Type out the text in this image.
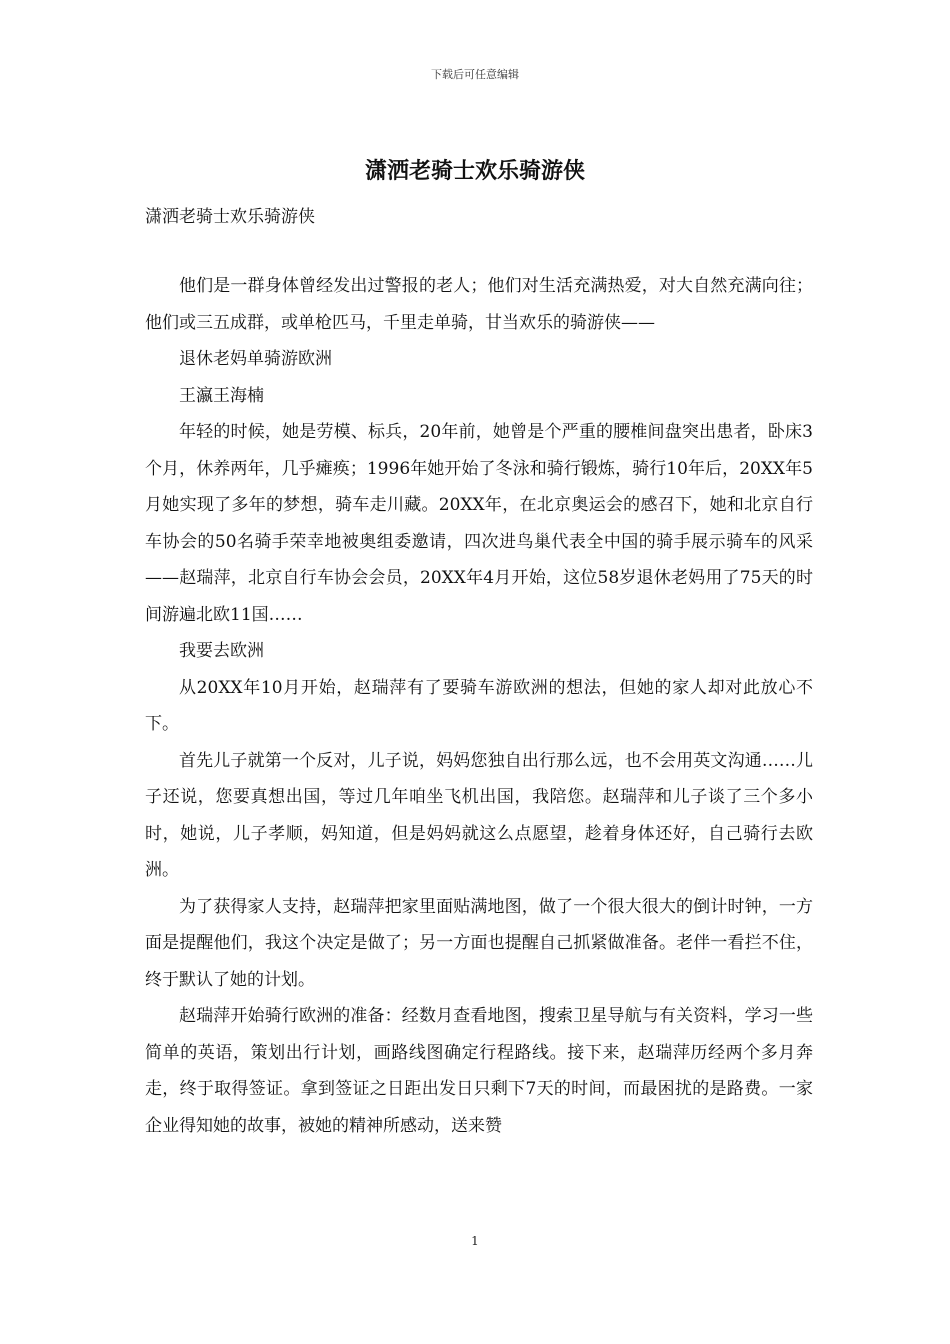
下载后可任意编辑
潇洒老骑士欢乐骑游侠
潇洒老骑士欢乐骑游侠

他们是一群身体曾经发出过警报的老人；他们对生活充满热爱，对大自然充满向往；他们或三五成群，或单枪匹马，千里走单骑，甘当欢乐的骑游侠——

退休老妈单骑游欧洲

王瀛王海楠

年轻的时候，她是劳模、标兵，20年前，她曾是个严重的腰椎间盘突出患者，卧床3个月，休养两年，几乎瘫痪；1996年她开始了冬泳和骑行锻炼，骑行10年后，20XX年5月她实现了多年的梦想，骑车走川藏。20XX年，在北京奥运会的感召下，她和北京自行车协会的50名骑手荣幸地被奥组委邀请，四次进鸟巢代表全中国的骑手展示骑车的风采——赵瑞萍，北京自行车协会会员，20XX年4月开始，这位58岁退休老妈用了75天的时间游遍北欧11国……

我要去欧洲

从20XX年10月开始，赵瑞萍有了要骑车游欧洲的想法，但她的家人却对此放心不下。

首先儿子就第一个反对，儿子说，妈妈您独自出行那么远，也不会用英文沟通……儿子还说，您要真想出国，等过几年咱坐飞机出国，我陪您。赵瑞萍和儿子谈了三个多小时，她说，儿子孝顺，妈知道，但是妈妈就这么点愿望，趁着身体还好，自己骑行去欧洲。

为了获得家人支持，赵瑞萍把家里面贴满地图，做了一个很大很大的倒计时钟，一方面是提醒他们，我这个决定是做了；另一方面也提醒自己抓紧做准备。老伴一看拦不住，终于默认了她的计划。

赵瑞萍开始骑行欧洲的准备：经数月查看地图，搜索卫星导航与有关资料，学习一些简单的英语，策划出行计划，画路线图确定行程路线。接下来，赵瑞萍历经两个多月奔走，终于取得签证。拿到签证之日距出发日只剩下7天的时间，而最困扰的是路费。一家企业得知她的故事，被她的精神所感动，送来赞

1
